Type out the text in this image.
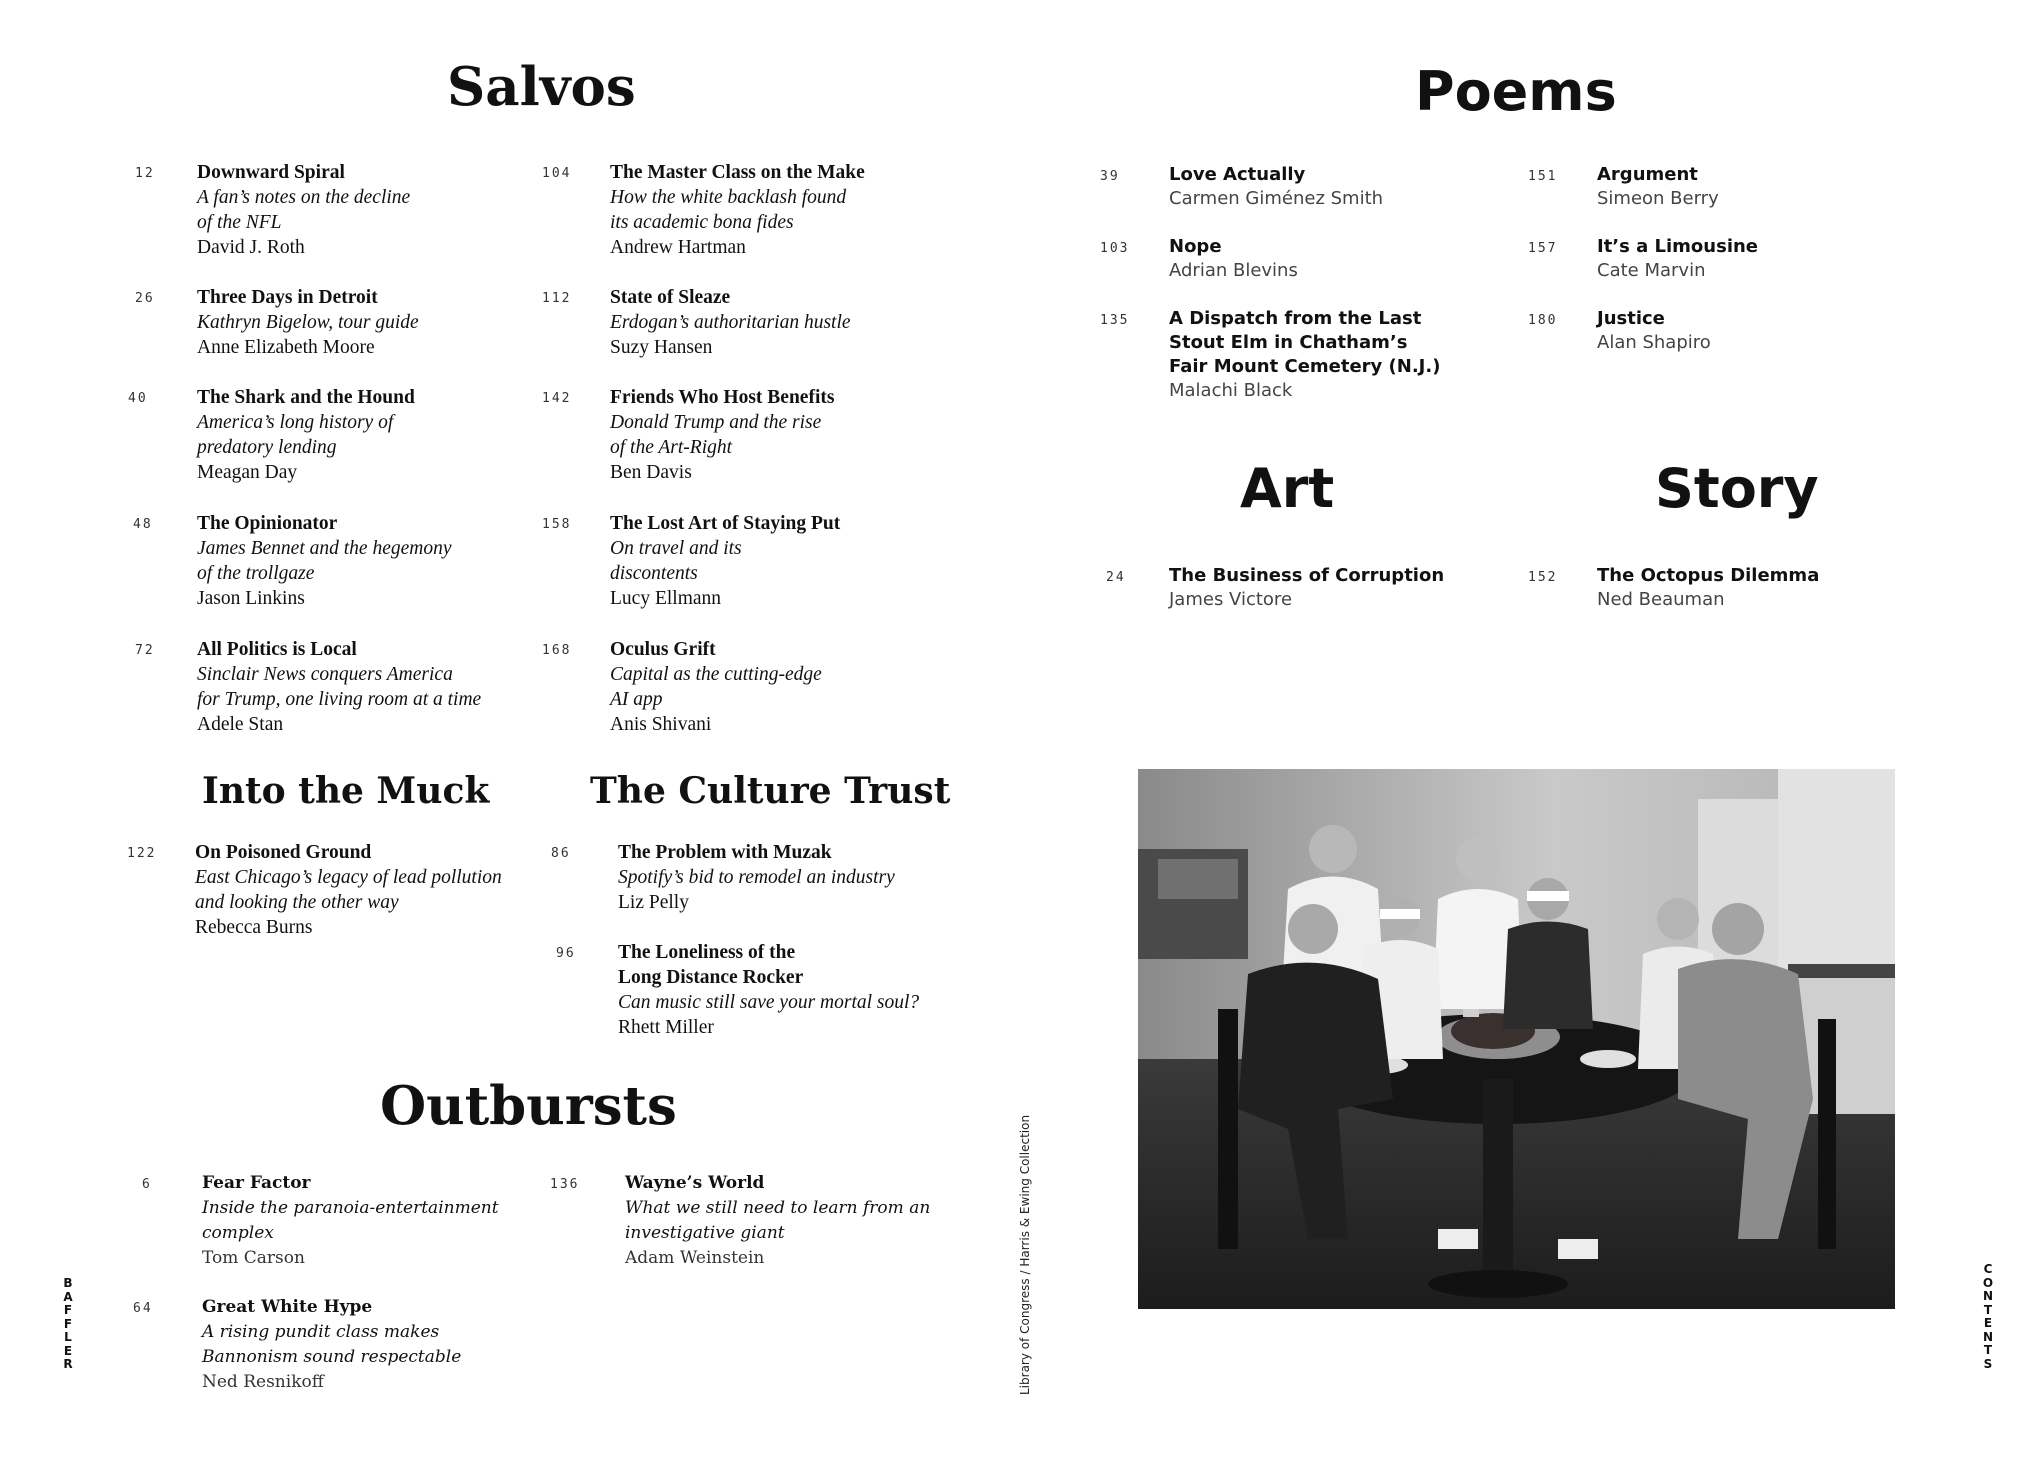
Salvos
12 Downward Spiral
A fan’s notes on the decline
of the NFL
David J. Roth
26 Three Days in Detroit
Kathryn Bigelow, tour guide
Anne Elizabeth Moore
40	The Shark and the Hound
America’s long history of
predatory lending
Meagan Day
48 The Opinionator
James Bennet and the hegemony
of the trollgaze
Jason Linkins
72 All Politics is Local
Sinclair News conquers America
for Trump, one living room at a time
Adele Stan
104 The Master Class on the Make
How the white backlash found
its academic bona fides
Andrew Hartman
112 State of Sleaze
Erdogan’s authoritarian hustle
Suzy Hansen
142 Friends Who Host Benefits
Donald Trump and the rise
of the Art-Right
Ben Davis
158 The Lost Art of Staying Put
On travel and its
discontents
Lucy Ellmann
168 Oculus Grift
Capital as the cutting-edge
AI app
Anis Shivani
Into the Muck
122 On Poisoned Ground
East Chicago’s legacy of lead pollution
and looking the other way
Rebecca Burns
The Culture Trust
86 The Problem with Muzak
Spotify’s bid to remodel an industry
Liz Pelly
96 The Loneliness of the
Long Distance Rocker
Can music still save your mortal soul?
Rhett Miller
Outbursts
6	Fear Factor
Inside the paranoia-entertainment
complex
Tom Carson
64	Great White Hype
A rising pundit class makes
Bannonism sound respectable
Ned Resnikoff
136	Wayne’s World
What we still need to learn from an
investigative giant
Adam Weinstein
Poems
39	Love Actually
Carmen Giménez Smith
103 Nope
Adrian Blevins
135 A Dispatch from the Last
Stout Elm in Chatham’s
Fair Mount Cemetery (N.J.)
Malachi Black
151 Argument
Simeon Berry
157 It’s a Limousine
Cate Marvin
180 Justice
Alan Shapiro
Art
24 The Business of Corruption
James Victore
Story
152 The Octopus Dilemma
Ned Beauman
Library of Congress / Harris & Ewing Collection
B
A
F
F
L
E
R
C
O
N
T
E
N
T
S
